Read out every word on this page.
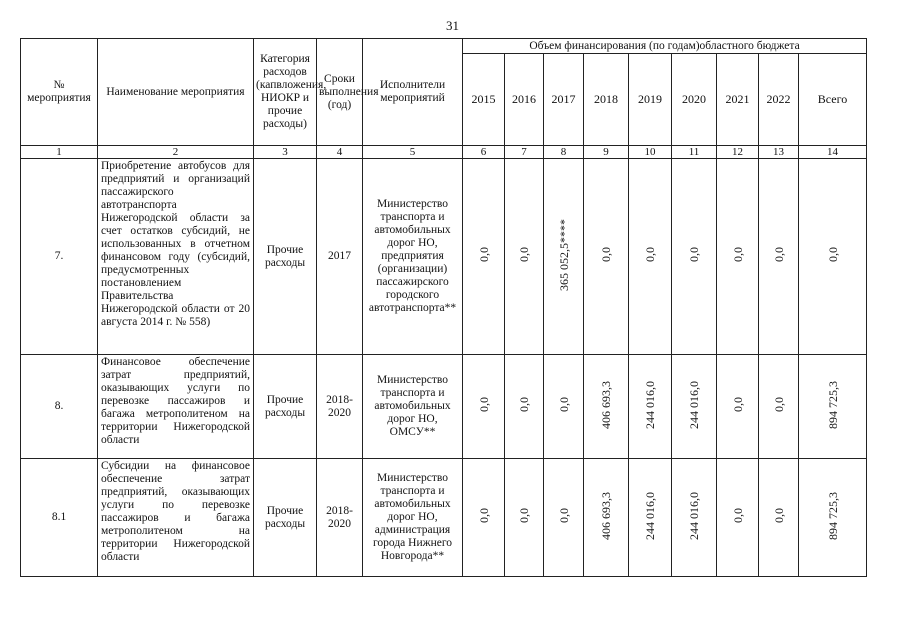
31
№ мероприятия	Наименование мероприятия	Категория расходов (капвложения, НИОКР и прочие расходы)	Сроки выполнения (год)	Исполнители мероприятий	Объем финансирования (по годам)областного бюджета								
					2015	2016	2017	2018	2019	2020	2021	2022	Всего
1	2	3	4	5	6	7	8	9	10	11	12	13	14
7.	Приобретение автобусов для предприятий и организаций пассажирского автотранспорта Нижегородской области за счет остатков субсидий, не использованных в отчетном финансовом году (субсидий, предусмотренных постановлением Правительства Нижегородской области от 20 августа 2014 г. № 558)	Прочие расходы	2017	Министерство транспорта и автомобильных дорог НО, предприятия (организации) пассажирского городского автотранспорта**	0,0	0,0	365 052,5****	0,0	0,0	0,0	0,0	0,0	0,0
8.	Финансовое обеспечение затрат предприятий, оказывающих услуги по перевозке пассажиров и багажа метрополитеном на территории Нижегородской области	Прочие расходы	2018-2020	Министерство транспорта и автомобильных дорог НО, ОМСУ**	0,0	0,0	0,0	406 693,3	244 016,0	244 016,0	0,0	0,0	894 725,3
8.1	Субсидии на финансовое обеспечение затрат предприятий, оказывающих услуги по перевозке пассажиров и багажа метрополитеном на территории Нижегородской области	Прочие расходы	2018-2020	Министерство транспорта и автомобильных дорог НО, администрация города Нижнего Новгорода**	0,0	0,0	0,0	406 693,3	244 016,0	244 016,0	0,0	0,0	894 725,3
